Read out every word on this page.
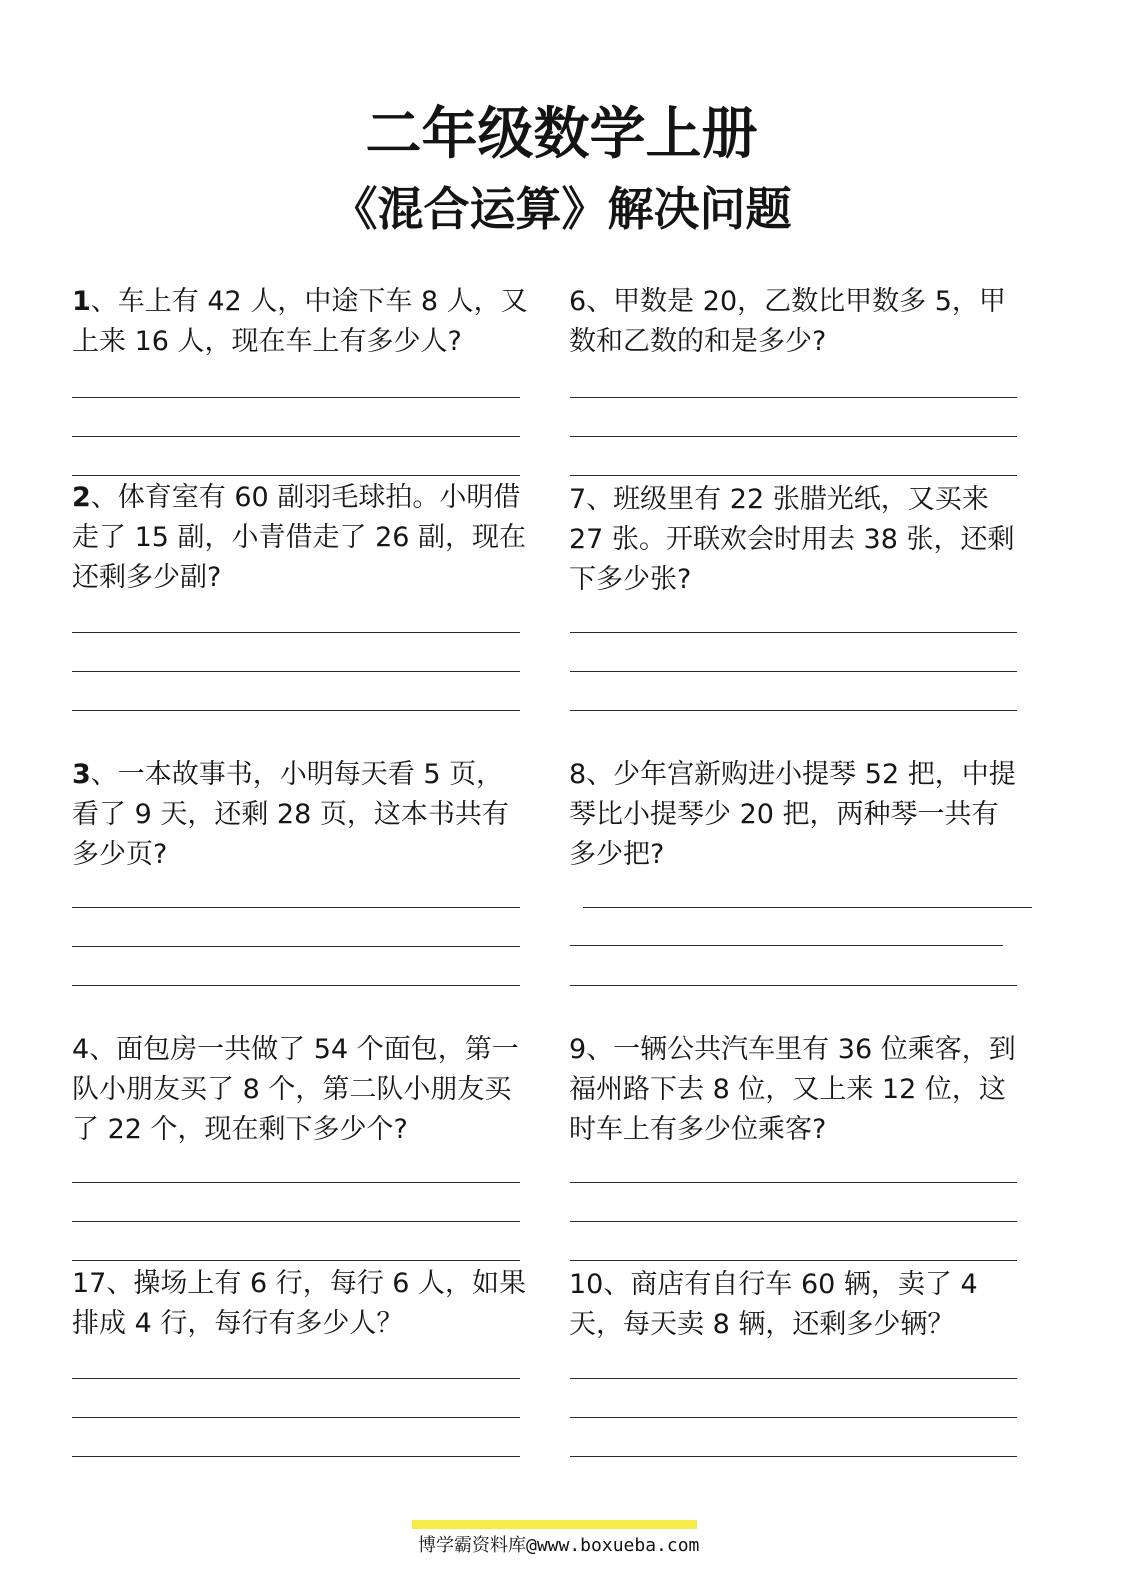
二年级数学上册
《混合运算》解决问题
1、车上有 42 人，中途下车 8 人，又
上来 16 人，现在车上有多少人?
2、体育室有 60 副羽毛球拍。小明借
走了 15 副，小青借走了 26 副，现在
还剩多少副?
3、一本故事书，小明每天看 5 页，
看了 9 天，还剩 28 页，这本书共有
多少页?
4、面包房一共做了 54 个面包，第一
队小朋友买了 8 个，第二队小朋友买
了 22 个，现在剩下多少个?
17、操场上有 6 行，每行 6 人，如果
排成 4 行，每行有多少人？
6、甲数是 20，乙数比甲数多 5，甲
数和乙数的和是多少?
7、班级里有 22 张腊光纸，又买来
27 张。开联欢会时用去 38 张，还剩
下多少张?
8、少年宫新购进小提琴 52 把，中提
琴比小提琴少 20 把，两种琴一共有
多少把?
9、一辆公共汽车里有 36 位乘客，到
福州路下去 8 位，又上来 12 位，这
时车上有多少位乘客?
10、商店有自行车 60 辆，卖了 4
天，每天卖 8 辆，还剩多少辆？
博学霸资料库@www.boxueba.com
